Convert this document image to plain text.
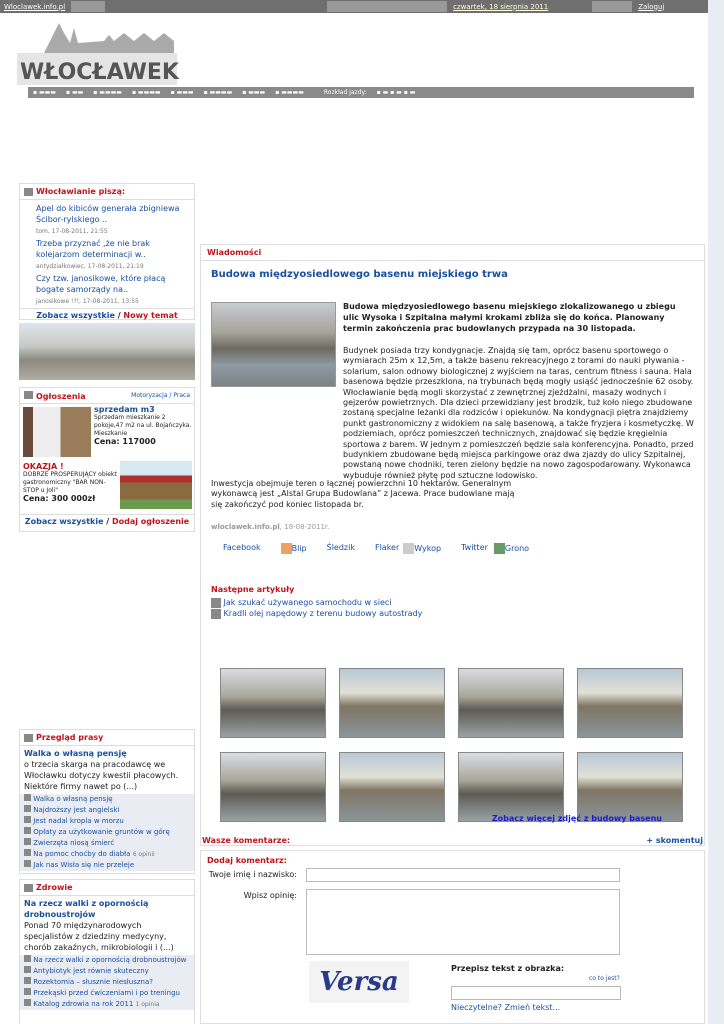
Wloclawek.info.pl	czwartek, 18 sierpnia 2011	Zaloguj
WŁOCŁAWEK
▪ ▬▬▬	▪ ▬▬	▪ ▬▬▬▬	▪ ▬▬▬▬	▪ ▬▬▬	▪ ▬▬▬▬	▪ ▬▬▬	▪ ▬▬▬▬	Rozkład jazdy:	▪ ▬ ▪ ▬ ▪ ▬
Włocławianie piszą:
Apel do kibiców generała zbigniewa Ścibor-rylskiego ..
tom, 17-08-2011, 21:55
Trzeba przyznać ,że nie brak kolejarzom determinacji w..
antydziałkowiec, 17-08-2011, 21:19
Czy tzw. janosikowe, które płacą bogate samorządy na..
janosikowe !?!, 17-08-2011, 13:55
Zobacz wszystkie / Nowy temat
Ogłoszenia	Motoryzacja / Praca
sprzedam m3
Sprzedam mieszkanie 2 pokoje,47 m2 na ul. Bojańczyka. Mieszkanie
Cena: 117000
OKAZJA !
DOBRZE PROSPERUJĄCY obiekt gastronomiczny "BAR NON-STOP u Joli"
Cena: 300 000zł
Zobacz wszystkie / Dodaj ogłoszenie
Przegląd prasy
Walka o własną pensję
o trzecia skarga na pracodawcę we Włocławku dotyczy kwestii płacowych. Niektóre firmy nawet po (...)
Walka o własną pensję
Najdroższy jest angielski
Jest nadal kropla w morzu
Opłaty za użytkowanie gruntów w górę
Zwierzęta niosą śmierć
Na pomoc choćby do diabła 6 opinii
Jak nas Wisła się nie przeleje
Zdrowie
Na rzecz walki z opornością drobnoustrojów
Ponad 70 międzynarodowych specjalistów z dziedziny medycyny, chorób zakaźnych, mikrobiologii i (...)
Na rzecz walki z opornością drobnoustrojów
Antybiotyk jest równie skuteczny
Rozektomia – słusznie niesłuszna?
Przekąski przed ćwiczeniami i po treningu
Katalog zdrowia na rok 2011 1 opinia
Wiadomości
Budowa międzyosiedlowego basenu miejskiego trwa
Budowa międzyosiedlowego basenu miejskiego zlokalizowanego u zbiegu ulic Wysoka i Szpitalna małymi krokami zbliża się do końca. Planowany termin zakończenia prac budowlanych przypada na 30 listopada.
Budynek posiada trzy kondygnacje. Znajdą się tam, oprócz basenu sportowego o wymiarach 25m x 12,5m, a także basenu rekreacyjnego z torami do nauki pływania - solarium, salon odnowy biologicznej z wyjściem na taras, centrum fitness i sauna. Hala basenowa będzie przeszklona, na trybunach będą mogły usiąść jednocześnie 62 osoby. Włocławianie będą mogli skorzystać z zewnętrznej zjeżdżalni, masaży wodnych i gejzerów powietrznych. Dla dzieci przewidziany jest brodzik, tuż koło niego zbudowane zostaną specjalne leżanki dla rodziców i opiekunów. Na kondygnacji piętra znajdziemy punkt gastronomiczny z widokiem na salę basenową, a także fryzjera i kosmetyczkę. W podziemiach, oprócz pomieszczeń technicznych, znajdować się będzie kręgielnia sportowa z barem. W jednym z pomieszczeń będzie sala konferencyjna. Ponadto, przed budynkiem zbudowane będą miejsca parkingowe oraz dwa zjazdy do ulicy Szpitalnej, powstaną nowe chodniki, teren zielony będzie na nowo zagospodarowany. Wykonawca wybuduje również płytę pod sztuczne lodowisko.
Inwestycja obejmuje teren o łącznej powierzchni 10 hektarów. Generalnym wykonawcą jest „Alstal Grupa Budowlana” z Jacewa. Prace budowlane mają się zakończyć pod koniec listopada br.
wloclawek.info.pl, 18-08-2011r.
Facebook	Blip	Śledzik	Flaker	Wykop	Twitter	Grono
Następne artykuły
Jak szukać używanego samochodu w sieci
Kradli olej napędowy z terenu budowy autostrady
Zobacz więcej zdjęć z budowy basenu
Wasze komentarze:	+ skomentuj
Dodaj komentarz:
Twoje imię i nazwisko:
Wpisz opinię:
Versa	Przepisz tekst z obrazka:
co to jest?
Nieczytelne? Zmień tekst...
